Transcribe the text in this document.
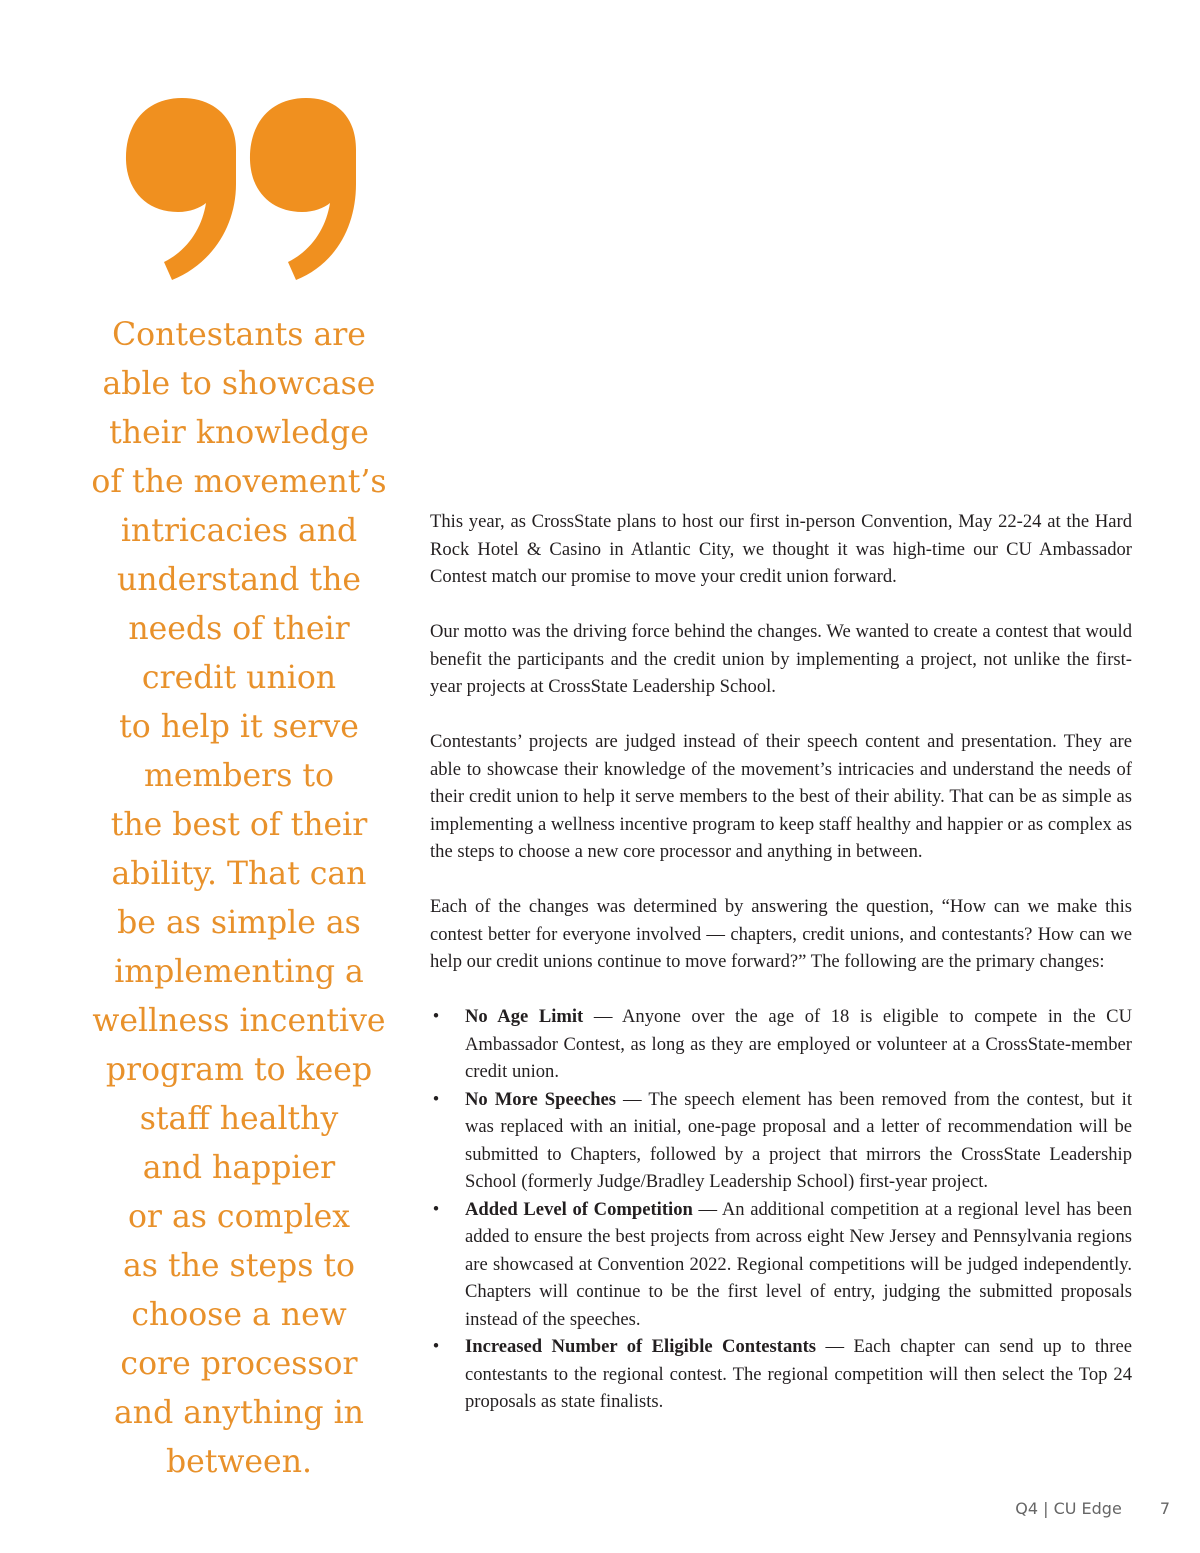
Contestants are
able to showcase
their knowledge
of the movement’s
intricacies and
understand the
needs of their
credit union
to help it serve
members to
the best of their
ability. That can
be as simple as
implementing a
wellness incentive
program to keep
staff healthy
and happier
or as complex
as the steps to
choose a new
core processor
and anything in
between.

This year, as CrossState plans to host our first in-person Convention, May 22-24 at the Hard Rock Hotel & Casino in Atlantic City, we thought it was high-time our CU Ambassador Contest match our promise to move your credit union forward.

Our motto was the driving force behind the changes. We wanted to create a contest that would benefit the participants and the credit union by implementing a project, not unlike the first-year projects at CrossState Leadership School.

Contestants’ projects are judged instead of their speech content and presentation. They are able to showcase their knowledge of the movement’s intricacies and understand the needs of their credit union to help it serve members to the best of their ability. That can be as simple as implementing a wellness incentive program to keep staff healthy and happier or as complex as the steps to choose a new core processor and anything in between.

Each of the changes was determined by answering the question, “How can we make this contest better for everyone involved — chapters, credit unions, and contestants? How can we help our credit unions continue to move forward?” The following are the primary changes:

• No Age Limit — Anyone over the age of 18 is eligible to compete in the CU Ambassador Contest, as long as they are employed or volunteer at a CrossState-member credit union.
• No More Speeches — The speech element has been removed from the contest, but it was replaced with an initial, one-page proposal and a letter of recommendation will be submitted to Chapters, followed by a project that mirrors the CrossState Leadership School (formerly Judge/Bradley Leadership School) first-year project.
• Added Level of Competition — An additional competition at a regional level has been added to ensure the best projects from across eight New Jersey and Pennsylvania regions are showcased at Convention 2022. Regional competitions will be judged independently. Chapters will continue to be the first level of entry, judging the submitted proposals instead of the speeches.
• Increased Number of Eligible Contestants — Each chapter can send up to three contestants to the regional contest. The regional competition will then select the Top 24 proposals as state finalists.
Q4 | CU Edge 7
